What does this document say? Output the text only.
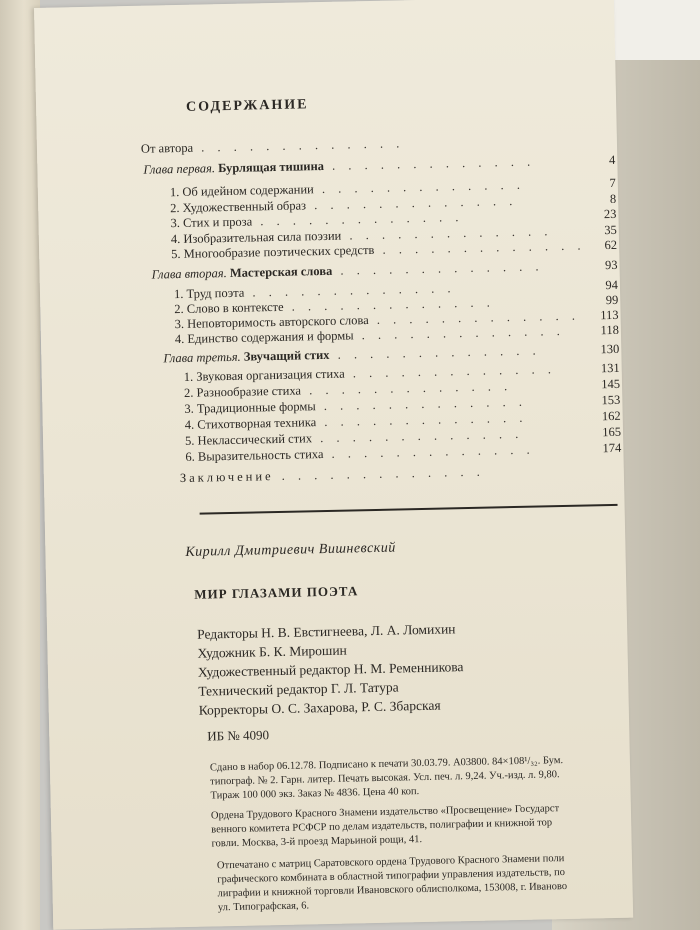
СОДЕРЖАНИЕ
От автора . . . . . . . . . . . . .
Глава первая. Бурлящая тишина . . . . . . . . . . . . .	4
1. Об идейном содержании . . . . . . . . . . . . .	7
2. Художественный образ . . . . . . . . . . . . .	8
3. Стих и проза . . . . . . . . . . . . .	23
4. Изобразительная сила поэзии . . . . . . . . . . . . .	35
5. Многообразие поэтических средств . . . . . . . . . . . . . 62
Глава вторая. Мастерская слова . . . . . . . . . . . . .	93
1. Труд поэта . . . . . . . . . . . . .	94
2. Слово в контексте . . . . . . . . . . . . .	99
3. Неповторимость авторского слова . . . . . . . . . . . . . 113
4. Единство содержания и формы . . . . . . . . . . . . .	118
Глава третья. Звучащий стих . . . . . . . . . . . . .	130
1. Звуковая организация стиха . . . . . . . . . . . . .	131
2. Разнообразие стиха . . . . . . . . . . . . .	145
3. Традиционные формы . . . . . . . . . . . . .	153
4. Стихотворная техника . . . . . . . . . . . . .	162
5. Неклассический стих . . . . . . . . . . . . .	165
6. Выразительность стиха . . . . . . . . . . . . .	174
Заключение . . . . . . . . . . . . .
Кирилл Дмитриевич Вишневский
МИР ГЛАЗАМИ ПОЭТА
Редакторы Н. В. Евстигнеева, Л. А. Ломихин
Художник Б. К. Мирошин
Художественный редактор Н. М. Ременникова
Технический редактор Г. Л. Татура
Корректоры О. С. Захарова, Р. С. Збарская
ИБ № 4090
Сдано в набор 06.12.78. Подписано к печати 30.03.79. А03800. 84×108¹/₃₂. Бум.
типограф. № 2. Гарн. литер. Печать высокая. Усл. печ. л. 9,24. Уч.-изд. л. 9,80.
Тираж 100 000 экз. Заказ № 4836. Цена 40 коп.
Ордена Трудового Красного Знамени издательство «Просвещение» Государст
венного комитета РСФСР по делам издательств, полиграфии и книжной тор
говли. Москва, 3-й проезд Марьиной рощи, 41.
Отпечатано с матриц Саратовского ордена Трудового Красного Знамени поли
графического комбината в областной типографии управления издательств, по
лиграфии и книжной торговли Ивановского облисполкома, 153008, г. Иваново
ул. Типографская, 6.
